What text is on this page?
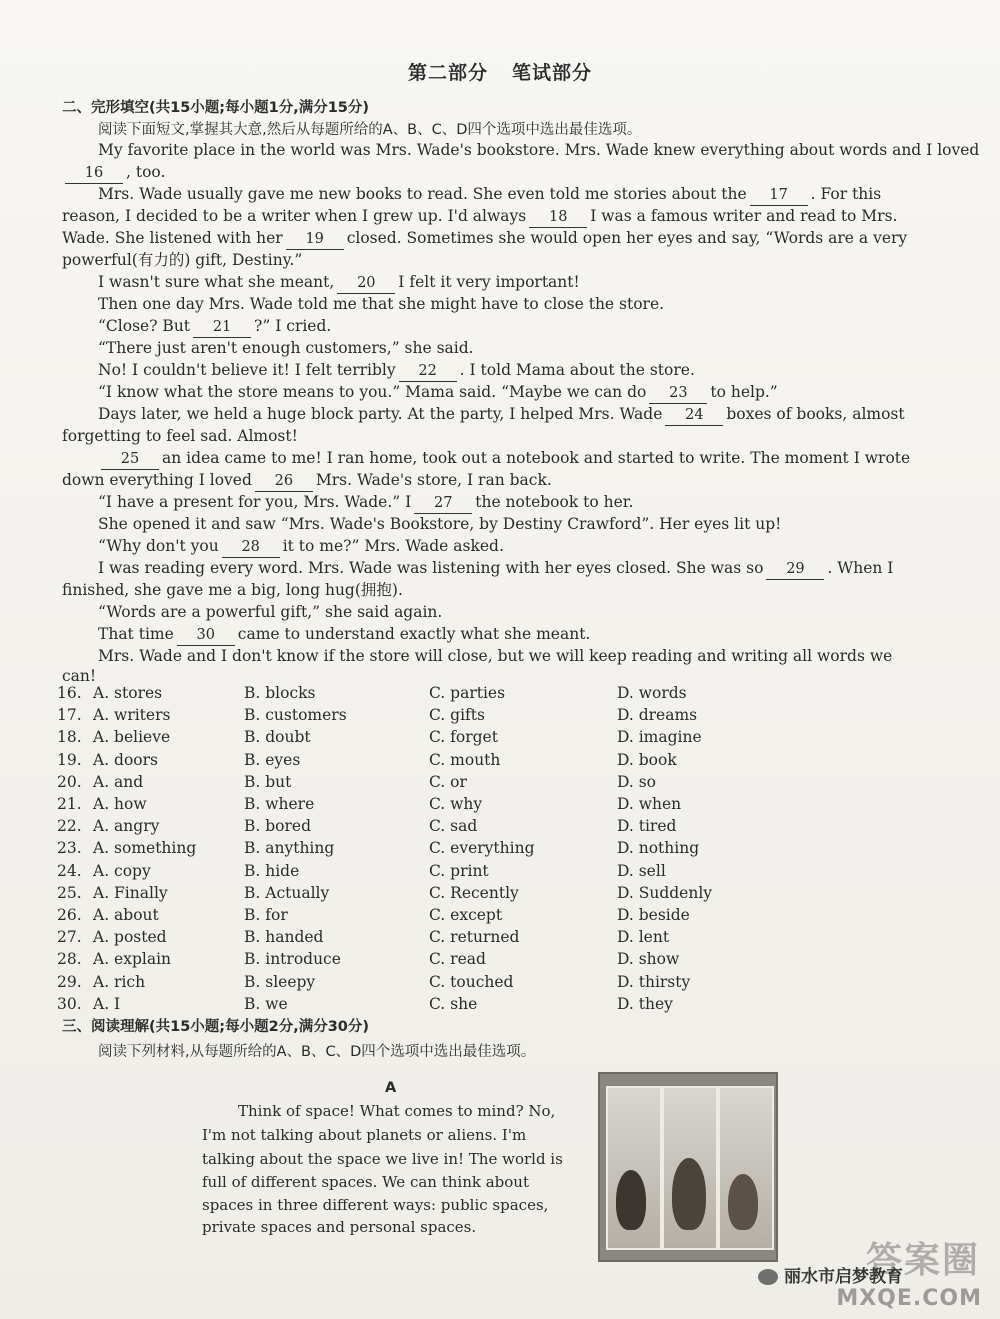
第二部分 笔试部分
二、完形填空(共15小题;每小题1分,满分15分)
阅读下面短文,掌握其大意,然后从每题所给的A、B、C、D四个选项中选出最佳选项。
My favorite place in the world was Mrs. Wade's bookstore. Mrs. Wade knew everything about words and I loved
16 , too.
Mrs. Wade usually gave me new books to read. She even told me stories about the 17 . For this
reason, I decided to be a writer when I grew up. I'd always 18 I was a famous writer and read to Mrs.
Wade. She listened with her 19 closed. Sometimes she would open her eyes and say, “Words are a very
powerful(有力的) gift, Destiny.”
I wasn't sure what she meant, 20 I felt it very important!
Then one day Mrs. Wade told me that she might have to close the store.
“Close? But 21 ?” I cried.
“There just aren't enough customers,” she said.
No! I couldn't believe it! I felt terribly 22 . I told Mama about the store.
“I know what the store means to you.” Mama said. “Maybe we can do 23 to help.”
Days later, we held a huge block party. At the party, I helped Mrs. Wade 24 boxes of books, almost
forgetting to feel sad. Almost!
25 an idea came to me! I ran home, took out a notebook and started to write. The moment I wrote
down everything I loved 26 Mrs. Wade's store, I ran back.
“I have a present for you, Mrs. Wade.” I 27 the notebook to her.
She opened it and saw “Mrs. Wade's Bookstore, by Destiny Crawford”. Her eyes lit up!
“Why don't you 28 it to me?” Mrs. Wade asked.
I was reading every word. Mrs. Wade was listening with her eyes closed. She was so 29 . When I
finished, she gave me a big, long hug(拥抱).
“Words are a powerful gift,” she said again.
That time 30 came to understand exactly what she meant.
Mrs. Wade and I don't know if the store will close, but we will keep reading and writing all words we
can!
16. A. stores	B. blocks	C. parties	D. words
17. A. writers	B. customers	C. gifts	D. dreams
18. A. believe	B. doubt	C. forget	D. imagine
19. A. doors	B. eyes	C. mouth	D. book
20. A. and	B. but	C. or	D. so
21. A. how	B. where	C. why	D. when
22. A. angry	B. bored	C. sad	D. tired
23. A. something	B. anything	C. everything	D. nothing
24. A. copy	B. hide	C. print	D. sell
25. A. Finally	B. Actually	C. Recently	D. Suddenly
26. A. about	B. for	C. except	D. beside
27. A. posted	B. handed	C. returned	D. lent
28. A. explain	B. introduce	C. read	D. show
29. A. rich	B. sleepy	C. touched	D. thirsty
30. A. I	B. we	C. she	D. they
三、阅读理解(共15小题;每小题2分,满分30分)
阅读下列材料,从每题所给的A、B、C、D四个选项中选出最佳选项。
A
Think of space! What comes to mind? No,
I'm not talking about planets or aliens. I'm
talking about the space we live in! The world is
full of different spaces. We can think about
spaces in three different ways: public spaces,
private spaces and personal spaces.
答案圈
丽水市启梦教育
MXQE.COM
